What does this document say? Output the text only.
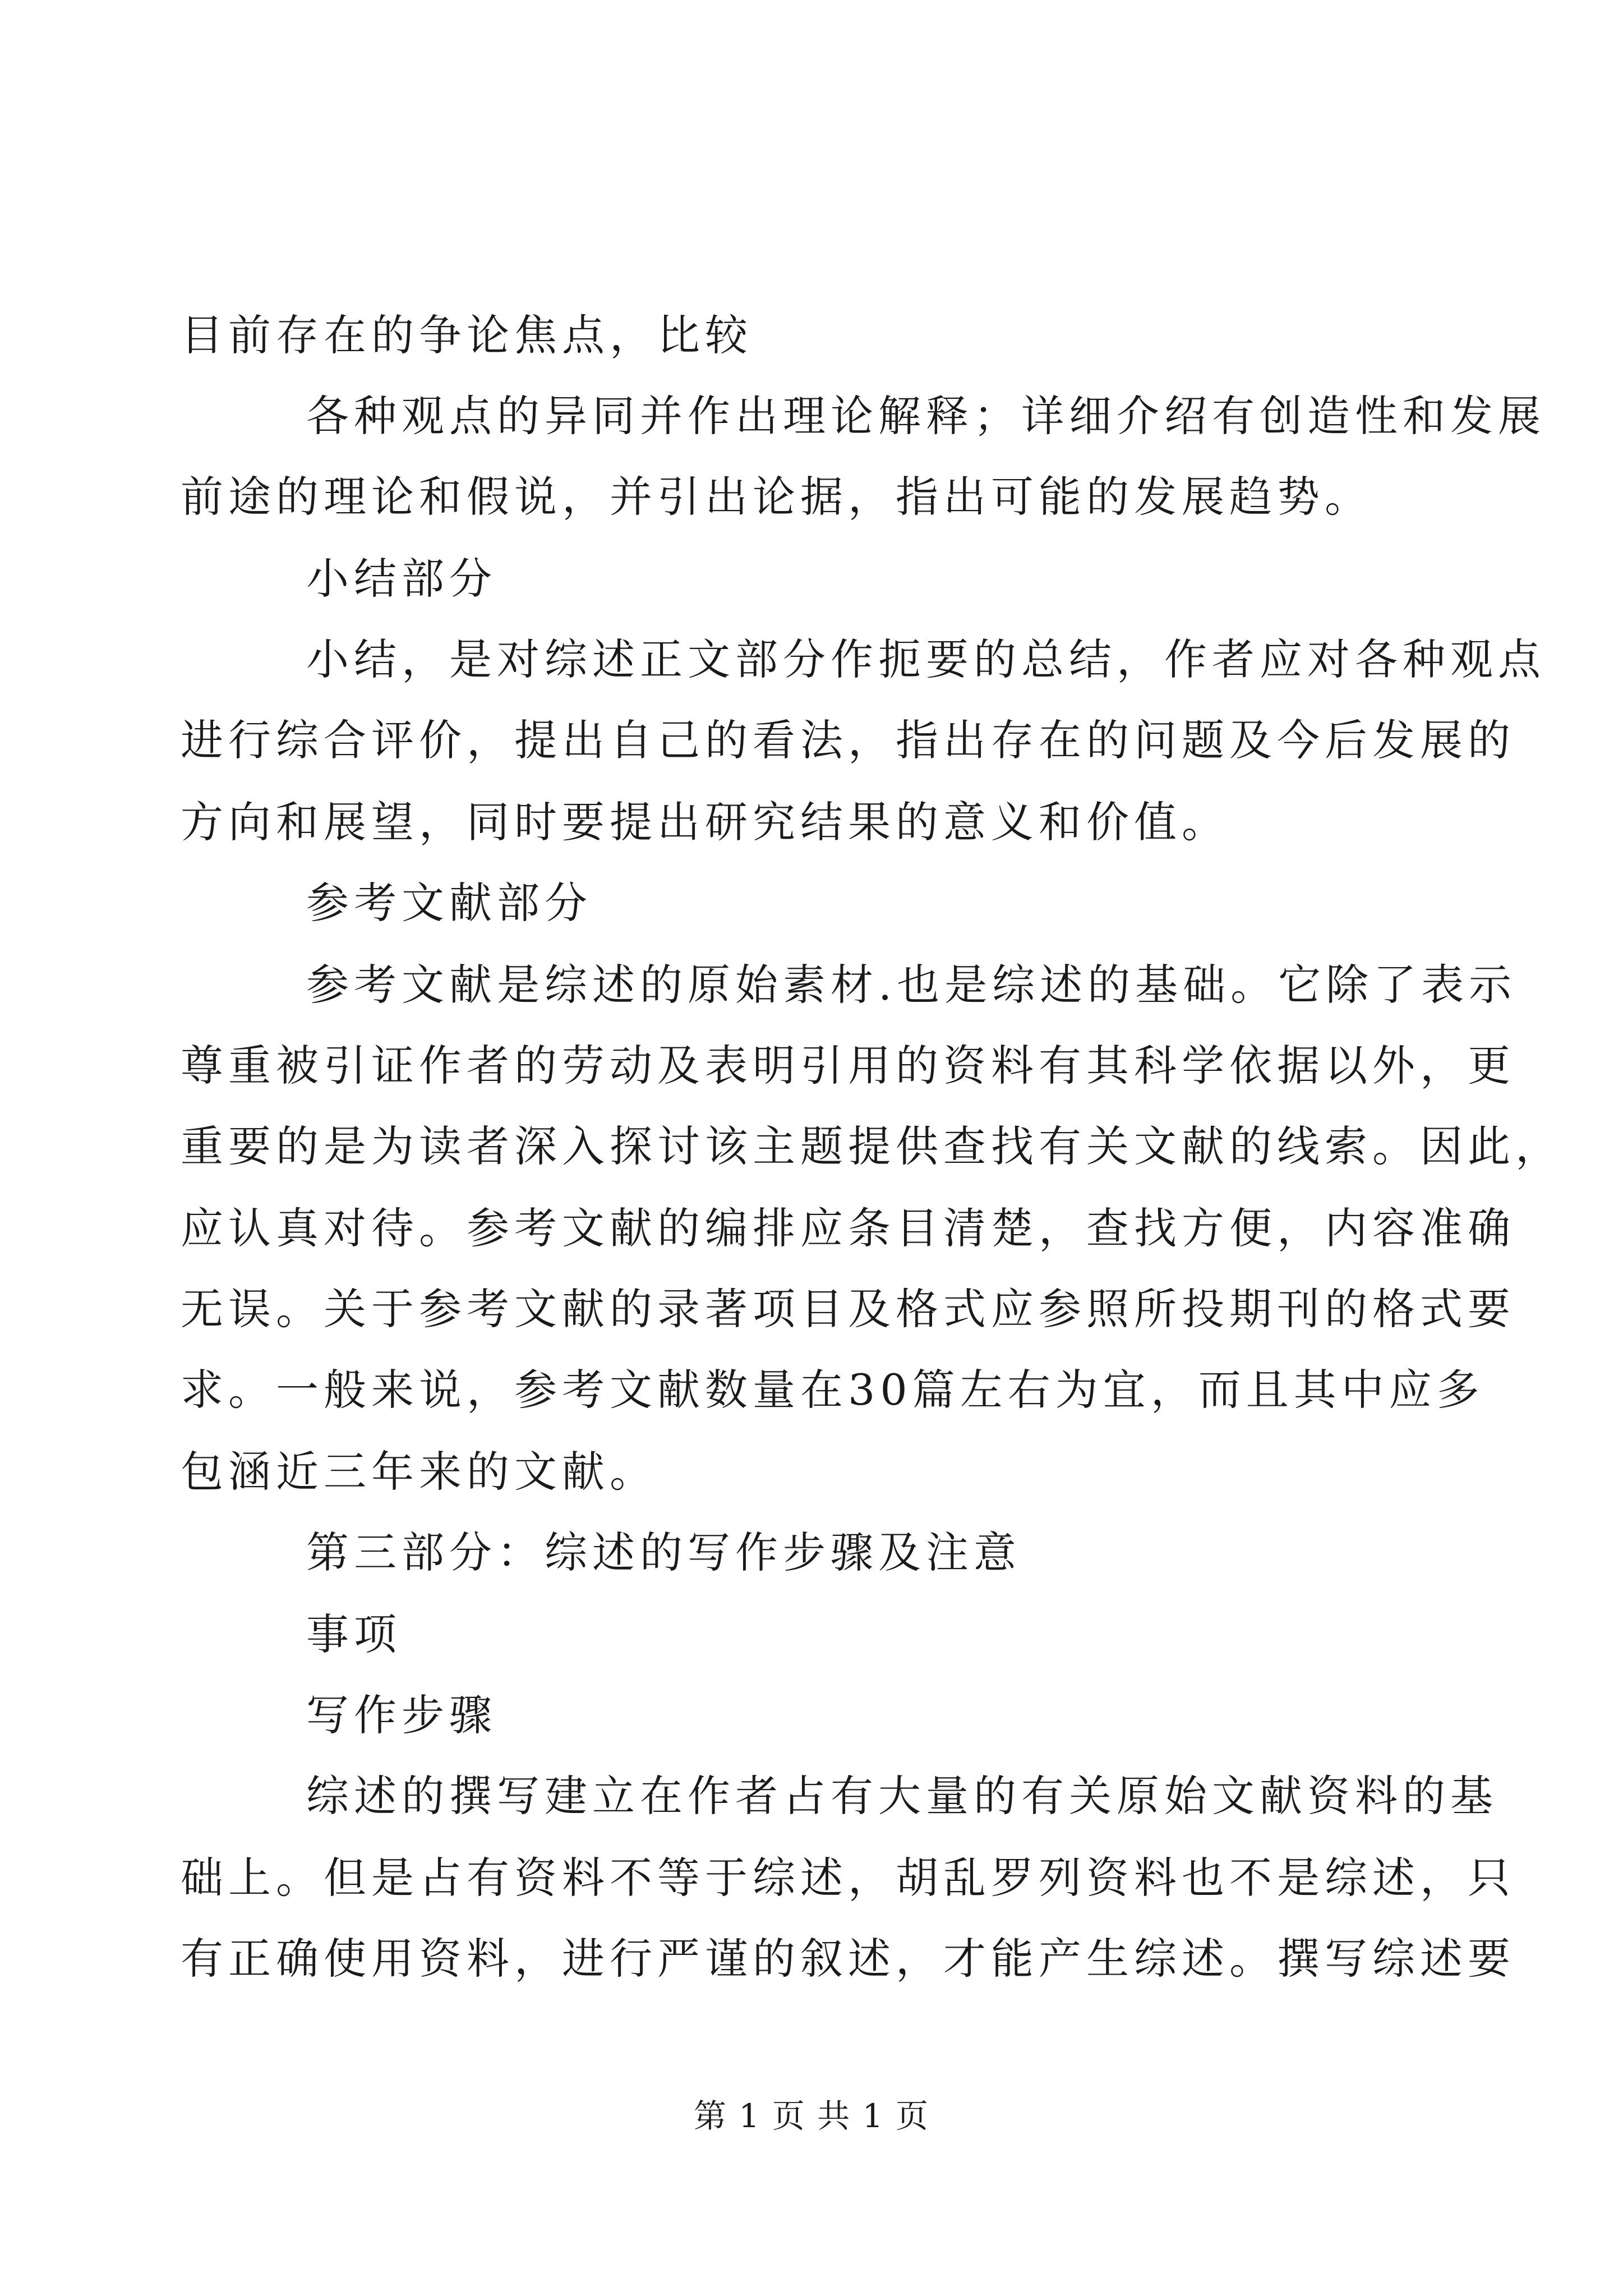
目前存在的争论焦点，比较
各种观点的异同并作出理论解释；详细介绍有创造性和发展
前途的理论和假说，并引出论据，指出可能的发展趋势。
小结部分
小结，是对综述正文部分作扼要的总结，作者应对各种观点
进行综合评价，提出自己的看法，指出存在的问题及今后发展的
方向和展望，同时要提出研究结果的意义和价值。
参考文献部分
参考文献是综述的原始素材.也是综述的基础。它除了表示
尊重被引证作者的劳动及表明引用的资料有其科学依据以外，更
重要的是为读者深入探讨该主题提供查找有关文献的线索。因此，
应认真对待。参考文献的编排应条目清楚，查找方便，内容准确
无误。关于参考文献的录著项目及格式应参照所投期刊的格式要
求。一般来说，参考文献数量在30篇左右为宜，而且其中应多
包涵近三年来的文献。
第三部分：综述的写作步骤及注意
事项
写作步骤
综述的撰写建立在作者占有大量的有关原始文献资料的基
础上。但是占有资料不等于综述，胡乱罗列资料也不是综述，只
有正确使用资料，进行严谨的叙述，才能产生综述。撰写综述要
第 1 页 共 1 页
